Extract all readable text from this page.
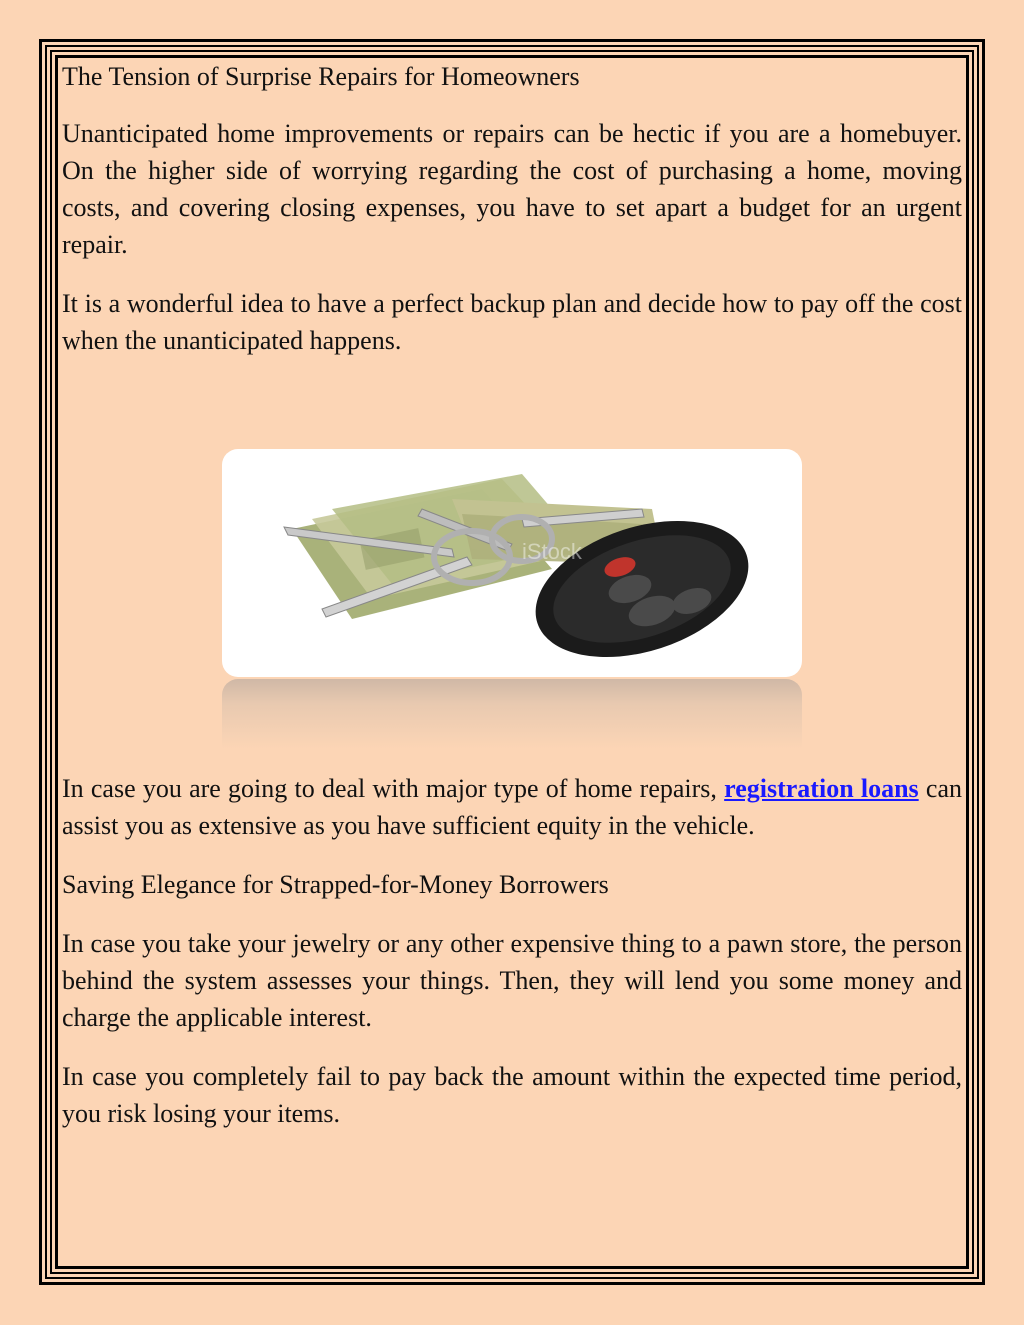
The Tension of Surprise Repairs for Homeowners

Unanticipated home improvements or repairs can be hectic if you are a homebuyer. On the higher side of worrying regarding the cost of purchasing a home, moving costs, and covering closing expenses, you have to set apart a budget for an urgent repair.

It is a wonderful idea to have a perfect backup plan and decide how to pay off the cost when the unanticipated happens.

iStock

In case you are going to deal with major type of home repairs, registration loans can assist you as extensive as you have sufficient equity in the vehicle.

Saving Elegance for Strapped-for-Money Borrowers

In case you take your jewelry or any other expensive thing to a pawn store, the person behind the system assesses your things. Then, they will lend you some money and charge the applicable interest.

In case you completely fail to pay back the amount within the expected time period, you risk losing your items.
